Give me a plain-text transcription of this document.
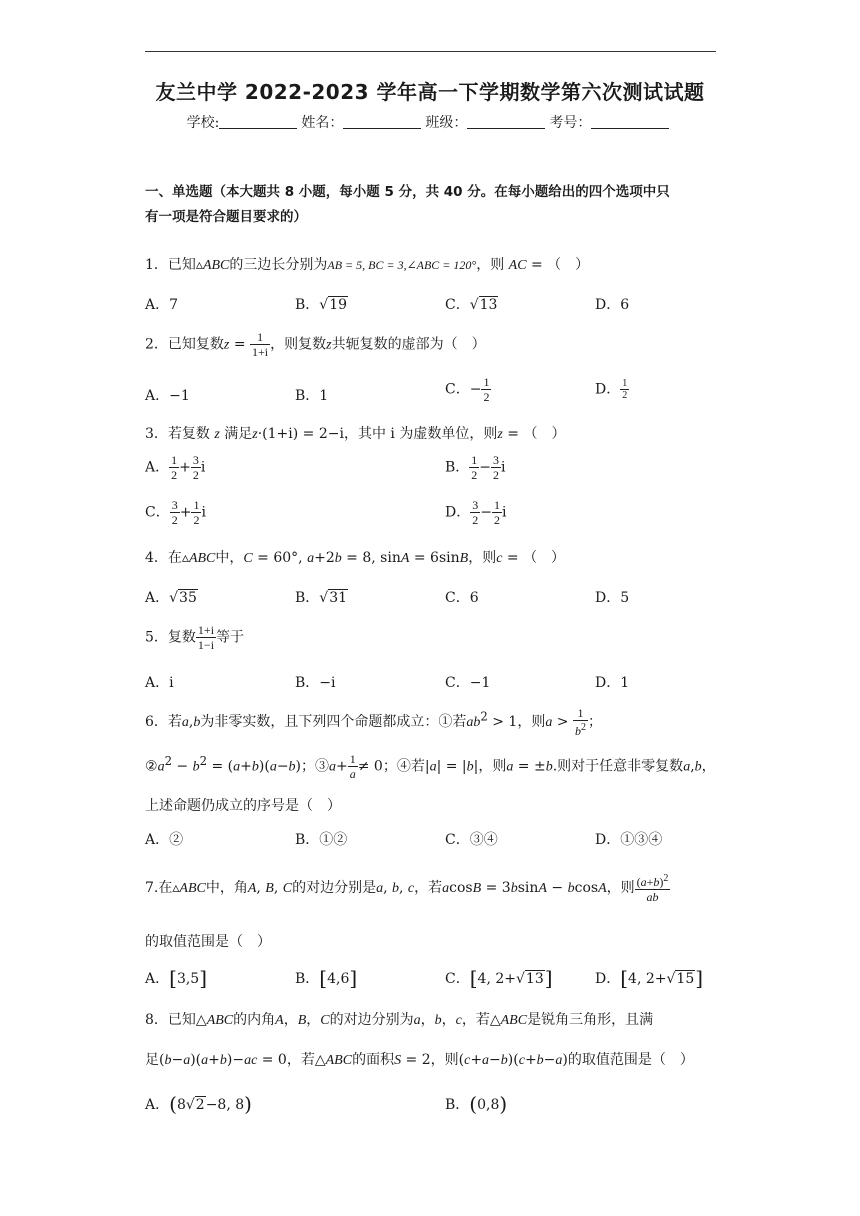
友兰中学 2022-2023 学年高一下学期数学第六次测试试题
学校:	姓名：	班级：	考号：
一、单选题（本大题共 8 小题，每小题 5 分，共 40 分。在每小题给出的四个选项中只
有一项是符合题目要求的）
1．已知▵ABC的三边长分别为AB = 5, BC = 3,∠ABC = 120°，则 AC = （　）
A．7	B．√19	C．√13	D．6
2．已知复数$z = \frac{1}{1+i}$ ，则复数z共轭复数的虚部为（　）
A．−1	B．1	C．− $\frac{1}{2}$	D． $\frac{1}{2}$
3．若复数 z 满足z·(1+i) = 2−i，其中 i 为虚数单位，则z = （　）
A． $\frac{1}{2} + \frac{3}{2}$ i	B． $\frac{1}{2} - \frac{3}{2}$ i
C． $\frac{3}{2} + \frac{1}{2}$ i	D． $\frac{3}{2} - \frac{1}{2}$ i
4．在▵ABC中，C = 60°, a+2b = 8, sinA = 6sinB，则c = （　）
A．√35	B．√31	C．6	D．5
5．复数 $\frac{1+i}{1-i}$ 等于
A．i	B．−i	C．−1	D．1
6．若a,b为非零实数，且下列四个命题都成立：①若$ab^2 > 1$，则$a > \frac{1}{b^2}$ ；
$②a^2 - b^2 = (a+b)(a-b)$；③a+ $\frac{1}{a} \ne 0$；④若|a| = |b|，则a = ±b.则对于任意非零复数a,b，
上述命题仍成立的序号是（　）
A．②	B．①②	C．③④	D．①③④
7.在▵ABC中，角A, B, C的对边分别是a, b, c，若acosB = 3bsinA − bcosA，则 $\frac{(a+b)^2}{ab}$
的取值范围是（　）
A．[3,5]	B．[4,6]	C．[4, 2+√13]	D．[4, 2+√15]
8．已知△ABC的内角A，B，C的对边分别为a，b，c，若△ABC是锐角三角形，且满
足(b−a)(a+b)−ac = 0，若△ABC的面积S = 2，则(c+a−b)(c+b−a)的取值范围是（　）
A．(8√2−8, 8)	B．(0,8)
